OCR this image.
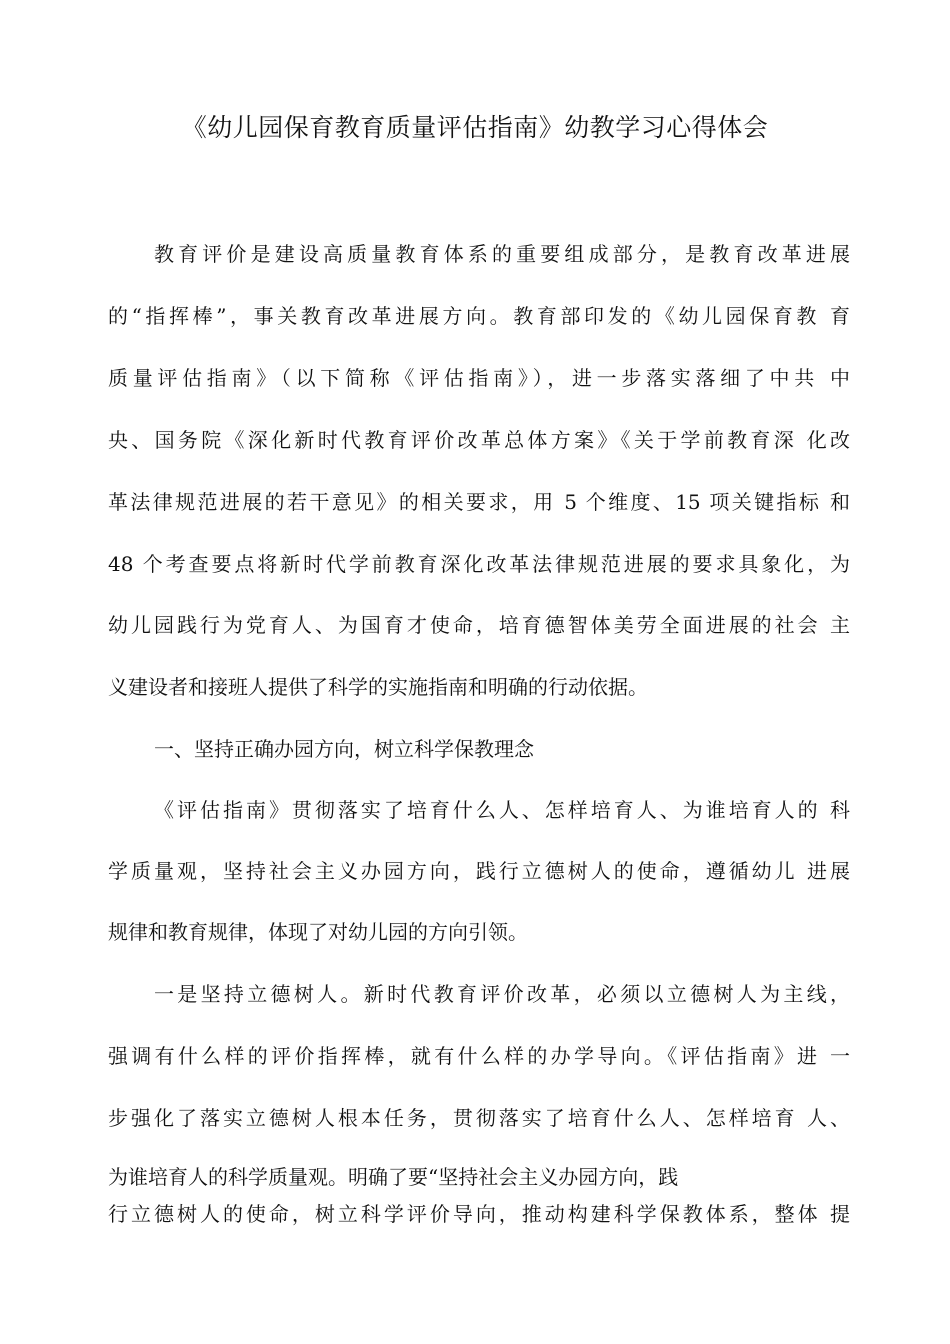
《幼儿园保育教育质量评估指南》幼教学习心得体会
教育评价是建设高质量教育体系的重要组成部分，是教育改革进展
的“指挥棒”，事关教育改革进展方向。教育部印发的《幼儿园保育教 育
质量评估指南》（以下简称《评估指南》），进一步落实落细了中共 中
央、国务院《深化新时代教育评价改革总体方案》《关于学前教育深 化改
革法律规范进展的若干意见》的相关要求，用 5 个维度、15 项关键指标 和
48 个考查要点将新时代学前教育深化改革法律规范进展的要求具象化，为
幼儿园践行为党育人、为国育才使命，培育德智体美劳全面进展的社会 主
义建设者和接班人提供了科学的实施指南和明确的行动依据。
一、坚持正确办园方向，树立科学保教理念
《评估指南》贯彻落实了培育什么人、怎样培育人、为谁培育人的 科
学质量观，坚持社会主义办园方向，践行立德树人的使命，遵循幼儿 进展
规律和教育规律，体现了对幼儿园的方向引领。
一是坚持立德树人。新时代教育评价改革，必须以立德树人为主线，
强调有什么样的评价指挥棒，就有什么样的办学导向。《评估指南》进 一
步强化了落实立德树人根本任务，贯彻落实了培育什么人、怎样培育 人、
为谁培育人的科学质量观。明确了要“坚持社会主义办园方向，践
行立德树人的使命，树立科学评价导向，推动构建科学保教体系，整体 提
